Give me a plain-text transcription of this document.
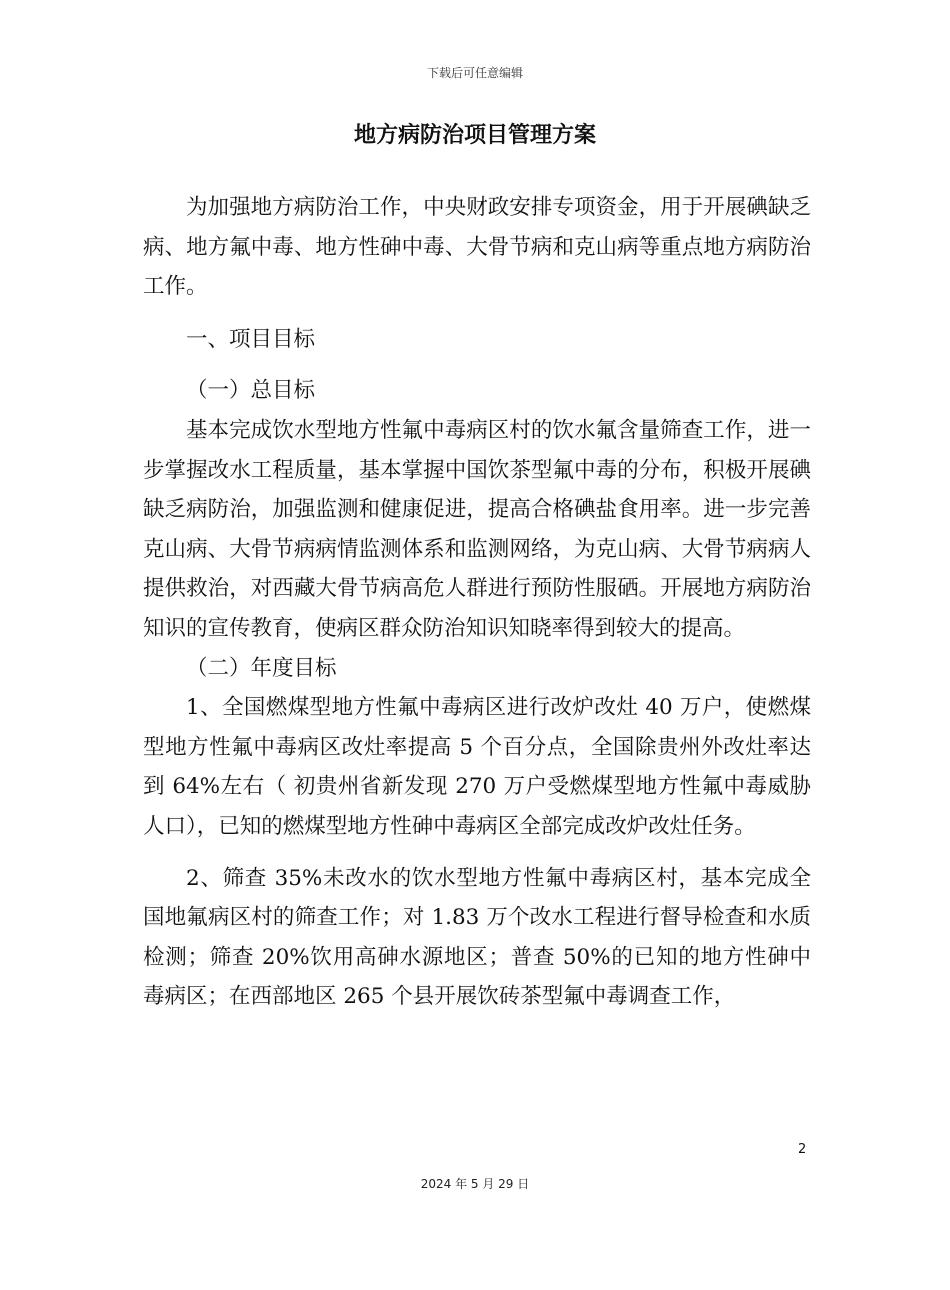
下载后可任意编辑
地方病防治项目管理方案

为加强地方病防治工作，中央财政安排专项资金，用于开展碘缺乏病、地方氟中毒、地方性砷中毒、大骨节病和克山病等重点地方病防治工作。

一、项目目标

（一）总目标

基本完成饮水型地方性氟中毒病区村的饮水氟含量筛查工作，进一步掌握改水工程质量，基本掌握中国饮茶型氟中毒的分布，积极开展碘缺乏病防治，加强监测和健康促进，提高合格碘盐食用率。进一步完善克山病、大骨节病病情监测体系和监测网络，为克山病、大骨节病病人提供救治，对西藏大骨节病高危人群进行预防性服硒。开展地方病防治知识的宣传教育，使病区群众防治知识知晓率得到较大的提高。

（二）年度目标

1、全国燃煤型地方性氟中毒病区进行改炉改灶 40 万户，使燃煤型地方性氟中毒病区改灶率提高 5 个百分点，全国除贵州外改灶率达到 64%左右（ 初贵州省新发现 270 万户受燃煤型地方性氟中毒威胁人口），已知的燃煤型地方性砷中毒病区全部完成改炉改灶任务。

2、筛查 35%未改水的饮水型地方性氟中毒病区村，基本完成全国地氟病区村的筛查工作；对 1.83 万个改水工程进行督导检查和水质检测；筛查 20%饮用高砷水源地区；普查 50%的已知的地方性砷中毒病区；在西部地区 265 个县开展饮砖茶型氟中毒调查工作，

2
2024 年 5 月 29 日
